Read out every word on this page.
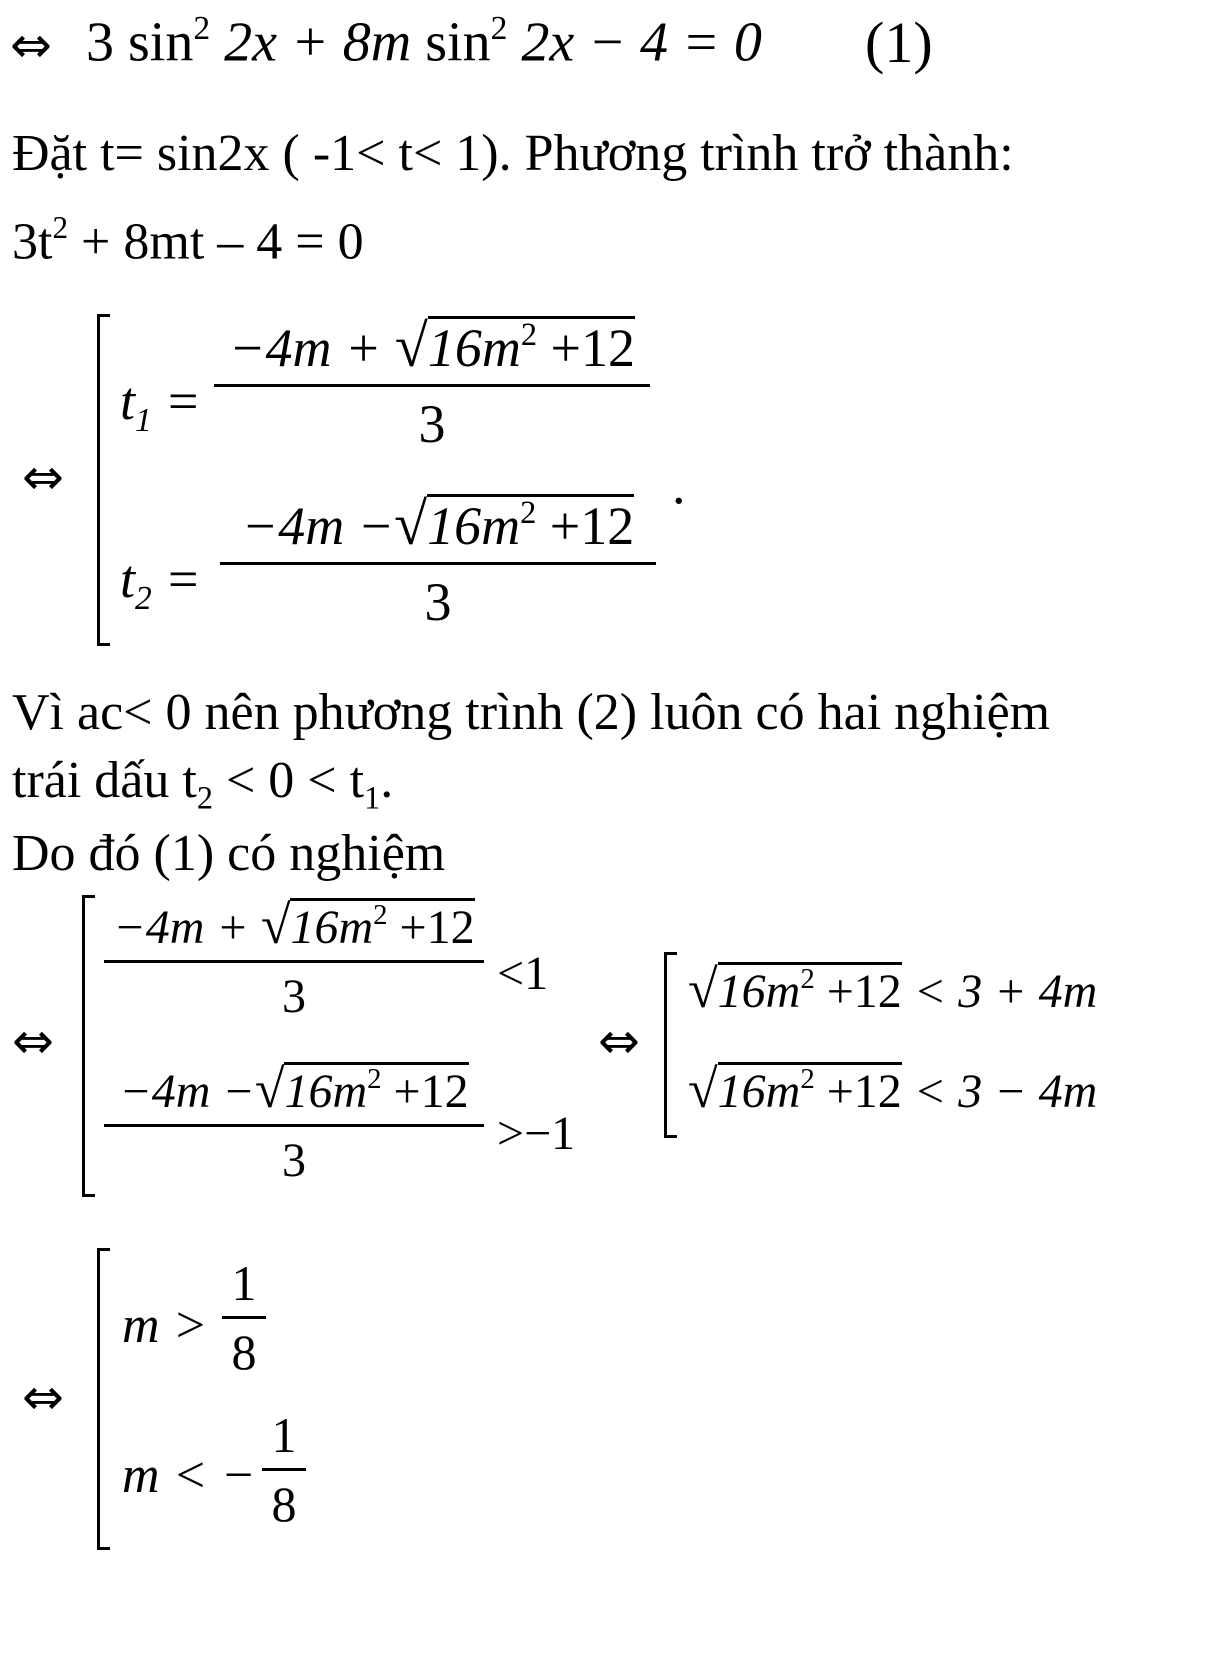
⇔ 3 $\sin^2 2x + 8m$ $\sin^2 2x - 4 = 0$ (1)
Đặt t= sin2x ( -1< t< 1). Phương trình trở thành:
$3t^2 + 8mt - 4 = 0$
⇔
$t_1$ =
$-4m + √16m^2 +12$
3
$t_2$ =
$-4m -√16m^2 +12$
3
.
Vì ac< 0 nên phương trình (2) luôn có hai nghiệm
trái dấu $t_2 < 0 < t_1$.
Do đó (1) có nghiệm
⇔
$-4m + √16m^2 +12$
3	<1
$-4m -√16m^2 +12$
3
>−1
⇔
$√16m^2 +12 < 3 + 4m$
$√16m^2 +12 < 3 - 4m$
⇔
m >
1
8
m < −
1
8
